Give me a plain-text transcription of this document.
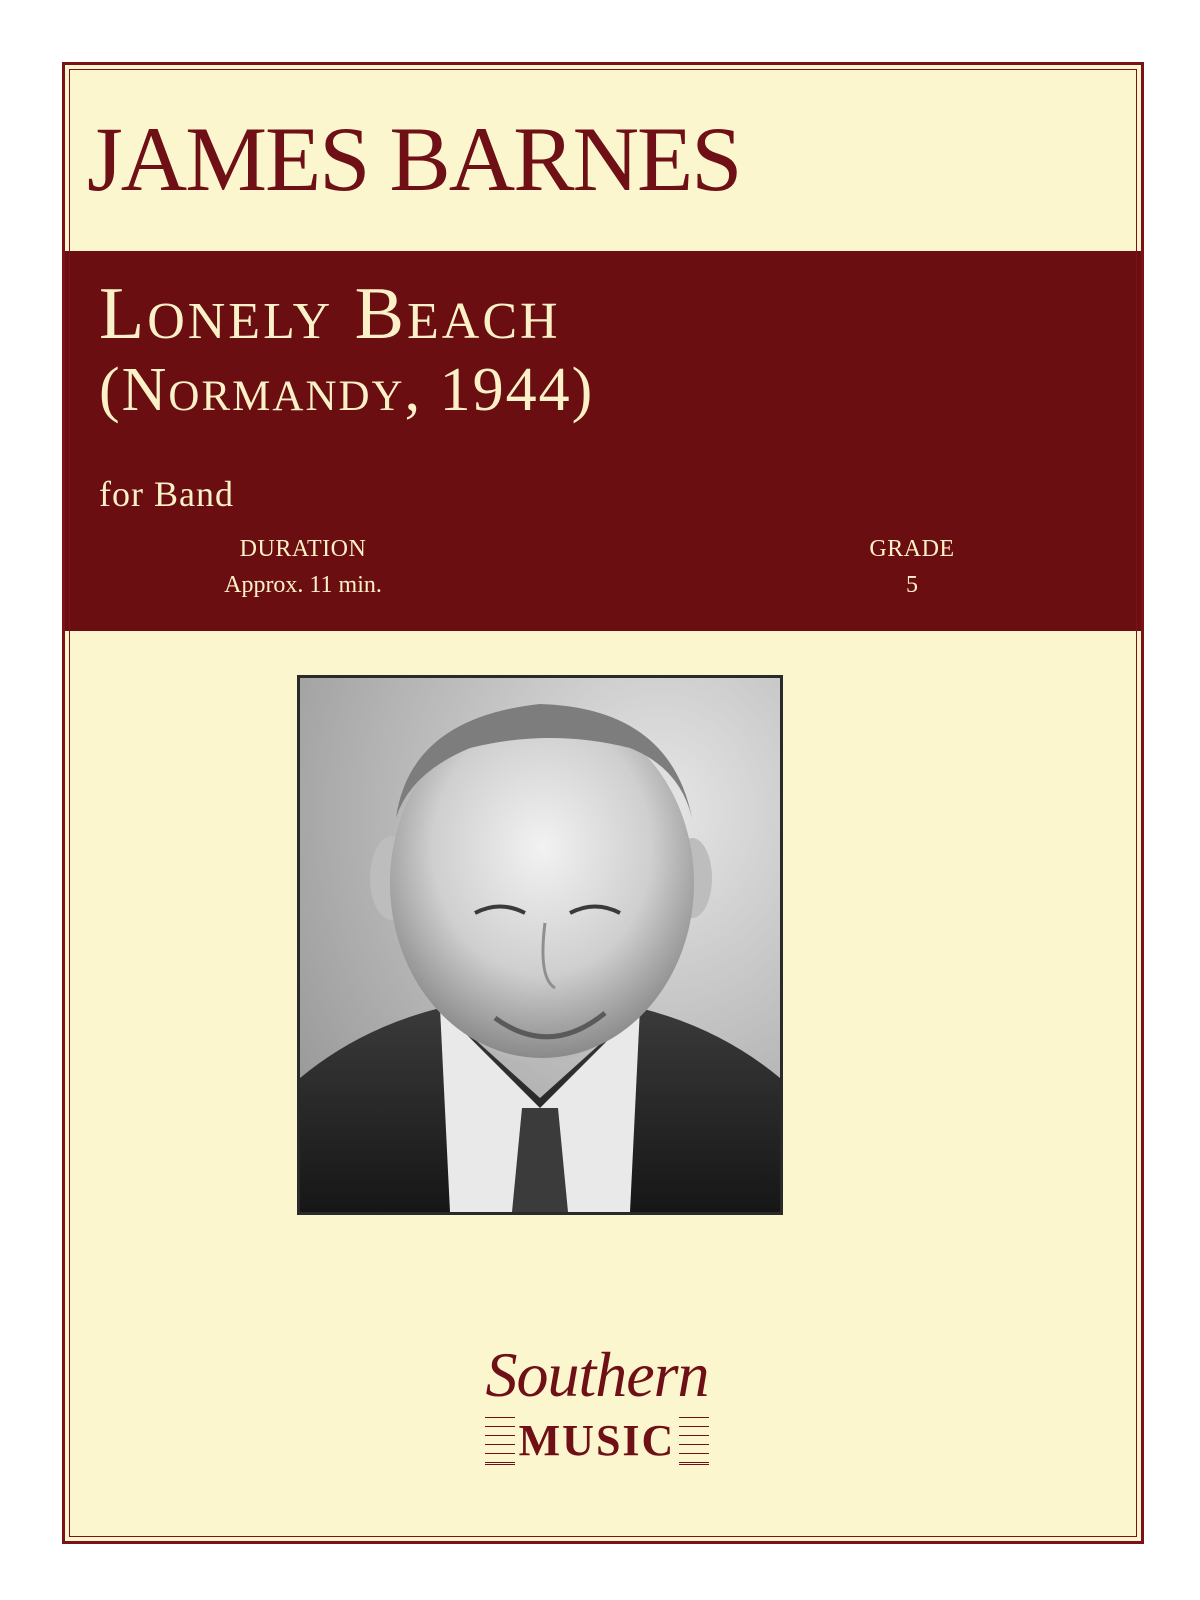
JAMES BARNES
Lonely Beach
(Normandy, 1944)
for Band
DURATION
Approx. 11 min.
GRADE
5
Southern
MUSIC
